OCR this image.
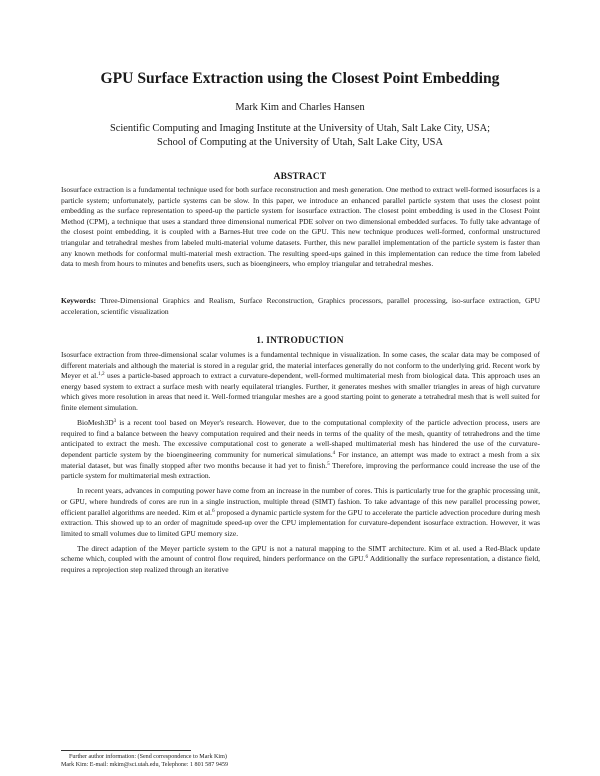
GPU Surface Extraction using the Closest Point Embedding
Mark Kim and Charles Hansen
Scientific Computing and Imaging Institute at the University of Utah, Salt Lake City, USA;
School of Computing at the University of Utah, Salt Lake City, USA
ABSTRACT

Isosurface extraction is a fundamental technique used for both surface reconstruction and mesh generation. One method to extract well-formed isosurfaces is a particle system; unfortunately, particle systems can be slow. In this paper, we introduce an enhanced parallel particle system that uses the closest point embedding as the surface representation to speed-up the particle system for isosurface extraction. The closest point embedding is used in the Closest Point Method (CPM), a technique that uses a standard three dimensional numerical PDE solver on two dimensional embedded surfaces. To fully take advantage of the closest point embedding, it is coupled with a Barnes-Hut tree code on the GPU. This new technique produces well-formed, conformal unstructured triangular and tetrahedral meshes from labeled multi-material volume datasets. Further, this new parallel implementation of the particle system is faster than any known methods for conformal multi-material mesh extraction. The resulting speed-ups gained in this implementation can reduce the time from labeled data to mesh from hours to minutes and benefits users, such as bioengineers, who employ triangular and tetrahedral meshes.

Keywords: Three-Dimensional Graphics and Realism, Surface Reconstruction, Graphics processors, parallel processing, iso-surface extraction, GPU acceleration, scientific visualization

1. INTRODUCTION

Isosurface extraction from three-dimensional scalar volumes is a fundamental technique in visualization. In some cases, the scalar data may be composed of different materials and although the material is stored in a regular grid, the material interfaces generally do not conform to the underlying grid. Recent work by Meyer et al.$^{1,2}$ uses a particle-based approach to extract a curvature-dependent, well-formed multimaterial mesh from biological data. This approach uses an energy based system to extract a surface mesh with nearly equilateral triangles. Further, it generates meshes with smaller triangles in areas of high curvature which gives more resolution in areas that need it. Well-formed triangular meshes are a good starting point to generate a tetrahedral mesh that is well suited for finite element simulation.

$BioMesh3D^3$ is a recent tool based on Meyer's research. However, due to the computational complexity of the particle advection process, users are required to find a balance between the heavy computation required and their needs in terms of the quality of the mesh, quantity of tetrahedrons and the time anticipated to extract the mesh. The excessive computational cost to generate a well-shaped multimaterial mesh has hindered the use of the curvature-dependent particle system by the bioengineering community for numerical simulations.$^4$ For instance, an attempt was made to extract a mesh from a six material dataset, but was finally stopped after two months because it had yet to finish.$^5$ Therefore, improving the performance could increase the use of the particle system for multimaterial mesh extraction.

In recent years, advances in computing power have come from an increase in the number of cores. This is particularly true for the graphic processing unit, or GPU, where hundreds of cores are run in a single instruction, multiple thread (SIMT) fashion. To take advantage of this new parallel processing power, efficient parallel algorithms are needed. Kim et al.$^6$ proposed a dynamic particle system for the GPU to accelerate the particle advection procedure during mesh extraction. This showed up to an order of magnitude speed-up over the CPU implementation for curvature-dependent isosurface extraction. However, it was limited to small volumes due to limited GPU memory size.

The direct adaption of the Meyer particle system to the GPU is not a natural mapping to the SIMT architecture. Kim et al. used a Red-Black update scheme which, coupled with the amount of control flow required, hinders performance on the GPU.$^6$ Additionally the surface representation, a distance field, requires a reprojection step realized through an iterative

Further author information: (Send correspondence to Mark Kim)
Mark Kim: E-mail: mkim@sci.utah.edu, Telephone: 1 801 587 9459
